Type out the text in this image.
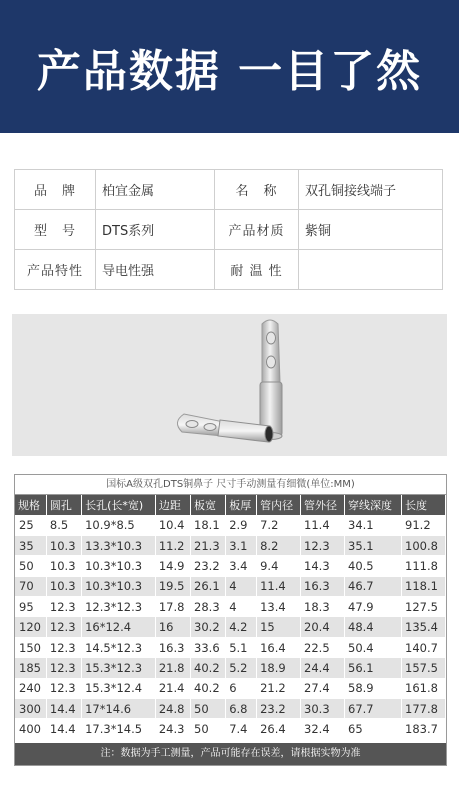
产品数据 一目了然
品　牌	柏宜金属	名　称	双孔铜接线端子
型　号	DTS系列	产品材质	紫铜
产品特性	导电性强	耐 温 性	
国标A级双孔DTS铜鼻子 尺寸手动测量有细微(单位:MM)
规格	圆孔	长孔(长*宽)	边距	板宽	板厚	管内径	管外径	穿线深度	长度
25	8.5	10.9*8.5	10.4	18.1	2.9	7.2	11.4	34.1	91.2
35	10.3	13.3*10.3	11.2	21.3	3.1	8.2	12.3	35.1	100.8
50	10.3	10.3*10.3	14.9	23.2	3.4	9.4	14.3	40.5	111.8
70	10.3	10.3*10.3	19.5	26.1	4	11.4	16.3	46.7	118.1
95	12.3	12.3*12.3	17.8	28.3	4	13.4	18.3	47.9	127.5
120	12.3	16*12.4	16	30.2	4.2	15	20.4	48.4	135.4
150	12.3	14.5*12.3	16.3	33.6	5.1	16.4	22.5	50.4	140.7
185	12.3	15.3*12.3	21.8	40.2	5.2	18.9	24.4	56.1	157.5
240	12.3	15.3*12.4	21.4	40.2	6	21.2	27.4	58.9	161.8
300	14.4	17*14.6	24.8	50	6.8	23.2	30.3	67.7	177.8
400	14.4	17.3*14.5	24.3	50	7.4	26.4	32.4	65	183.7
注：数据为手工测量，产品可能存在误差，请根据实物为准
